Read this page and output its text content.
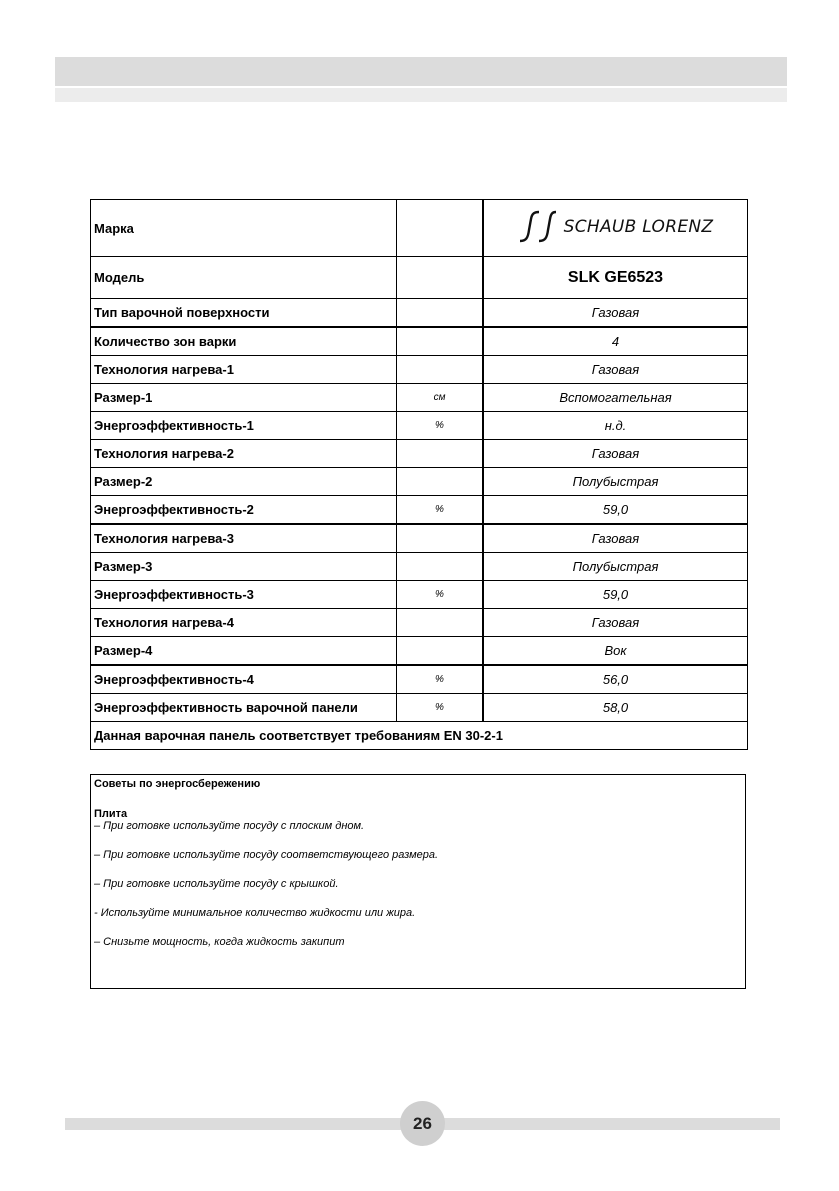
Марка		SCHAUB LORENZ

Модель		SLK GE6523
Тип варочной поверхности		Газовая
Количество зон варки		4
Технология нагрева-1		Газовая
Размер-1	см	Вспомогательная
Энергоэффективность-1	%	н.д.
Технология нагрева-2		Газовая
Размер-2		Полубыстрая
Энергоэффективность-2	%	59,0
Технология нагрева-3		Газовая
Размер-3		Полубыстрая
Энергоэффективность-3	%	59,0
Технология нагрева-4		Газовая
Размер-4		Вок
Энергоэффективность-4	%	56,0
Энергоэффективность варочной панели	%	58,0
Данная варочная панель соответствует требованиям EN 30-2-1		
Советы по энергосбережению
Плита
– При готовке используйте посуду с плоским дном.
– При готовке используйте посуду соответствующего размера.
– При готовке используйте посуду с крышкой.
- Используйте минимальное количество жидкости или жира.
– Снизьте мощность, когда жидкость закипит
26
